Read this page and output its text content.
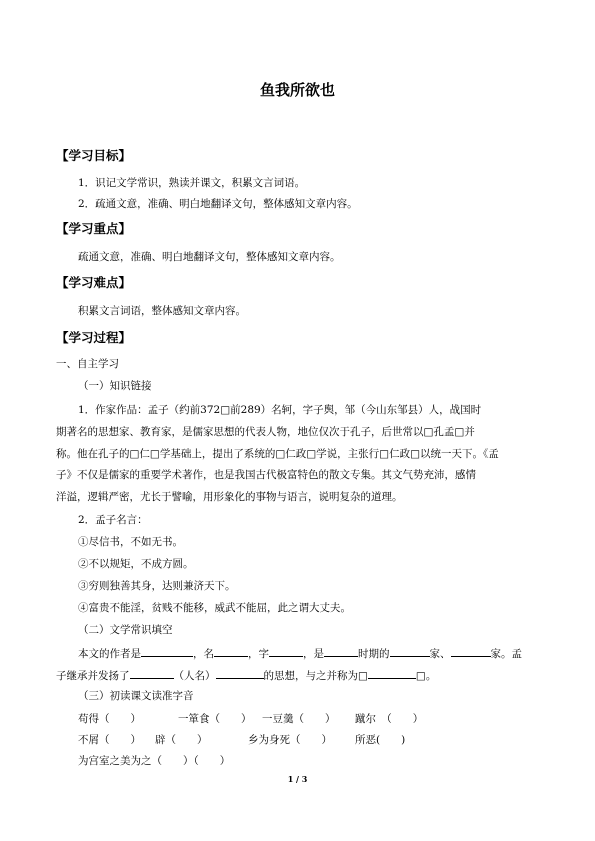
鱼我所欲也
【学习目标】
1．识记文学常识，熟读并课文，积累文言词语。
2．疏通文意，准确、明白地翻译文句，整体感知文章内容。
【学习重点】
疏通文意，准确、明白地翻译文句，整体感知文章内容。
【学习难点】
积累文言词语，整体感知文章内容。
【学习过程】
一、自主学习
（一）知识链接
1．作家作品：孟子（约前372□前289）名轲，字子舆，邹（今山东邹县）人，战国时
期著名的思想家、教育家，是儒家思想的代表人物，地位仅次于孔子，后世常以□孔孟□并
称。他在孔子的□仁□学基础上，提出了系统的□仁政□学说，主张行□仁政□以统一天下。《孟
子》不仅是儒家的重要学术著作，也是我国古代极富特色的散文专集。其文气势充沛，感情
洋溢，逻辑严密，尤长于譬喻，用形象化的事物与语言，说明复杂的道理。
2．孟子名言：
①尽信书，不如无书。
②不以规矩，不成方圆。
③穷则独善其身，达则兼济天下。
④富贵不能淫，贫贱不能移，威武不能屈，此之谓大丈夫。
（二）文学常识填空
本文的作者是	，名	，字	，是	时期的	家、	家。孟
子继承并发扬了	（人名）	的思想，与之并称为□	□。
（三）初读课文读准字音
苟得（　　）	一箪食（　　） 一豆羹（　　） 蹴尔　（　　）
不屑（　　） 辟（　　）	乡为身死（　　） 所恶(　　)
为宫室之美为之（　　）（　　）
1 / 3
